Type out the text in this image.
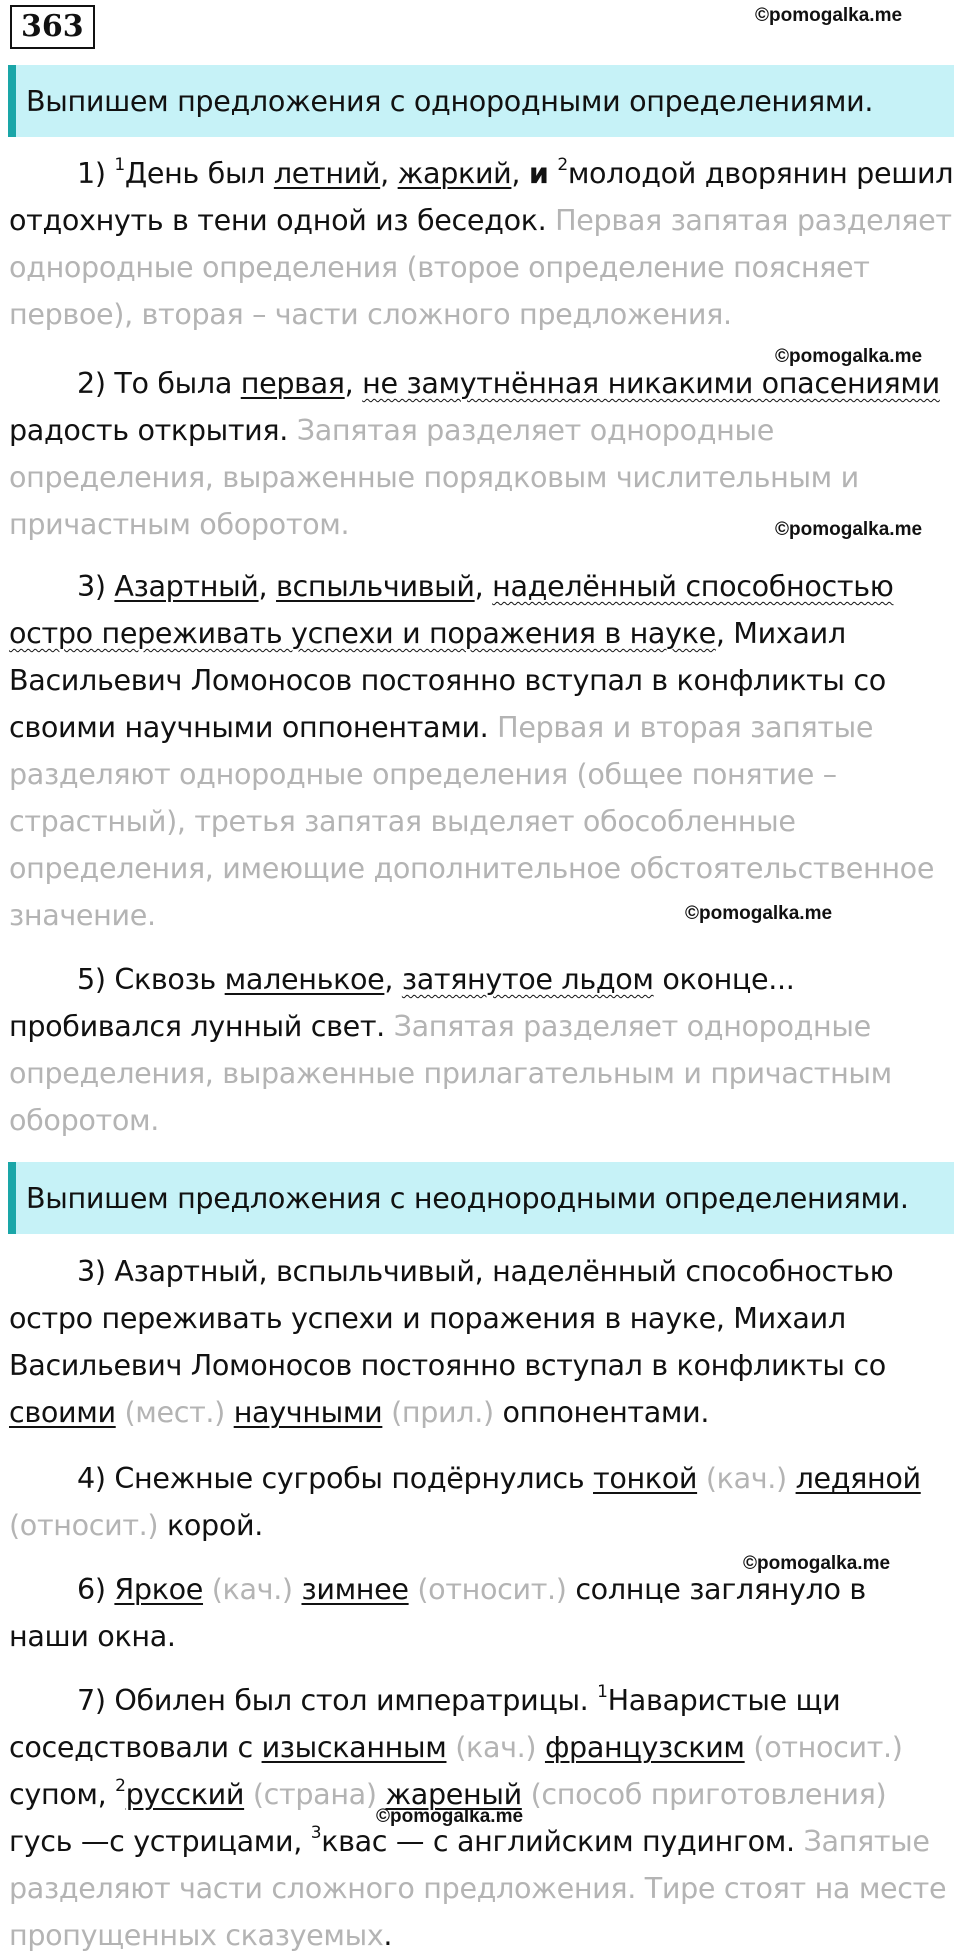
363	©pomogalka.me
Выпишем предложения с однородными определениями.

1) $^1$День был летний, жаркий, и $^2$молодой дворянин решил отдохнуть в тени одной из беседок. Первая запятая разделяет однородные определения (второе определение поясняет первое), вторая – части сложного предложения.

©pomogalka.me

2) То была первая, не замутнённая никакими опасениями радость открытия. Запятая разделяет однородные определения, выраженные порядковым числительным и причастным оборотом.	©pomogalka.me

3) Азартный, вспыльчивый, наделённый способностью остро переживать успехи и поражения в науке, Михаил Васильевич Ломоносов постоянно вступал в конфликты со своими научными оппонентами. Первая и вторая запятые разделяют однородные определения (общее понятие – страстный), третья запятая выделяет обособленные определения, имеющие дополнительное обстоятельственное значение.	©pomogalka.me

5) Сквозь маленькое, затянутое льдом оконце... пробивался лунный свет. Запятая разделяет однородные определения, выраженные прилагательным и причастным оборотом.

Выпишем предложения с неоднородными определениями.

3) Азартный, вспыльчивый, наделённый способностью остро переживать успехи и поражения в науке, Михаил Васильевич Ломоносов постоянно вступал в конфликты со своими (мест.) научными (прил.) оппонентами.

4) Снежные сугробы подёрнулись тонкой (кач.) ледяной (относит.) корой.

©pomogalka.me

6) Яркое (кач.) зимнее (относит.) солнце заглянуло в наши окна.

7) Обилен был стол императрицы. $^1$Наваристые щи соседствовали с изысканным (кач.) французским (относит.) супом, $^2$русский (страна) жареный (способ приготовления) гусь —с устрицами, $^3$квас — с английским пудингом. Запятые разделяют части сложного предложения. Тире стоят на месте пропущенных сказуемых.

©pomogalka.me
